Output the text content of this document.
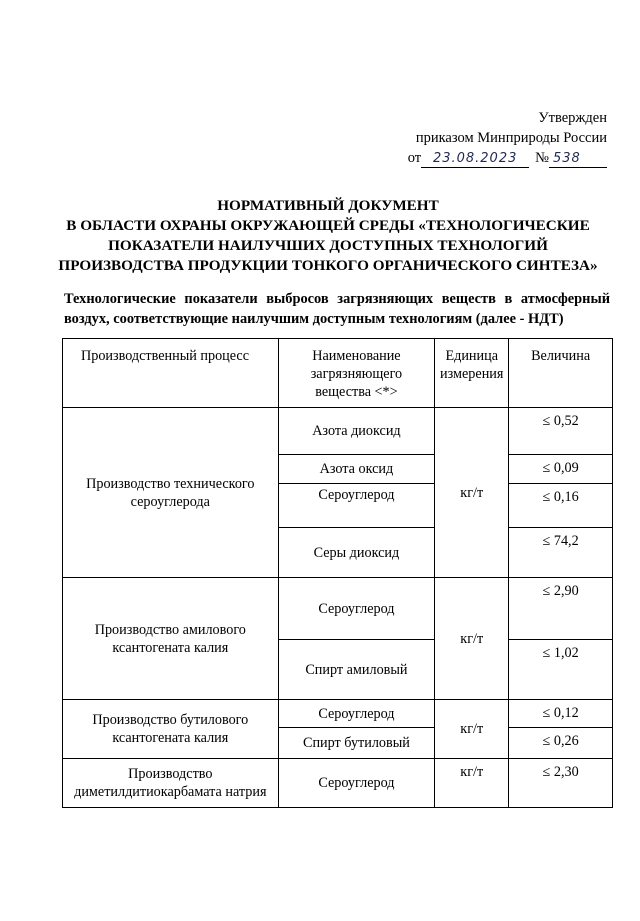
Утвержден
приказом Минприроды России
от 23.08.2023	№ 538
НОРМАТИВНЫЙ ДОКУМЕНТ
В ОБЛАСТИ ОХРАНЫ ОКРУЖАЮЩЕЙ СРЕДЫ «ТЕХНОЛОГИЧЕСКИЕ
ПОКАЗАТЕЛИ НАИЛУЧШИХ ДОСТУПНЫХ ТЕХНОЛОГИЙ
ПРОИЗВОДСТВА ПРОДУКЦИИ ТОНКОГО ОРГАНИЧЕСКОГО СИНТЕЗА»
Технологические показатели выбросов загрязняющих веществ в атмосферный воздух, соответствующие наилучшим доступным технологиям (далее - НДТ)
Производственный процесс	Наименование загрязняющего вещества <*>	Единица измерения	Величина
Производство технического сероуглерода	Азота диоксид	кг/т	≤ 0,52
	Азота оксид		≤ 0,09
	Сероуглерод		≤ 0,16
	Серы диоксид		≤ 74,2
Производство амилового ксантогената калия	Сероуглерод	кг/т	≤ 2,90
	Спирт амиловый		≤ 1,02
Производство бутилового ксантогената калия	Сероуглерод	кг/т	≤ 0,12
	Спирт бутиловый		≤ 0,26
Производство диметилдитиокарбамата натрия	Сероуглерод	кг/т	≤ 2,30
